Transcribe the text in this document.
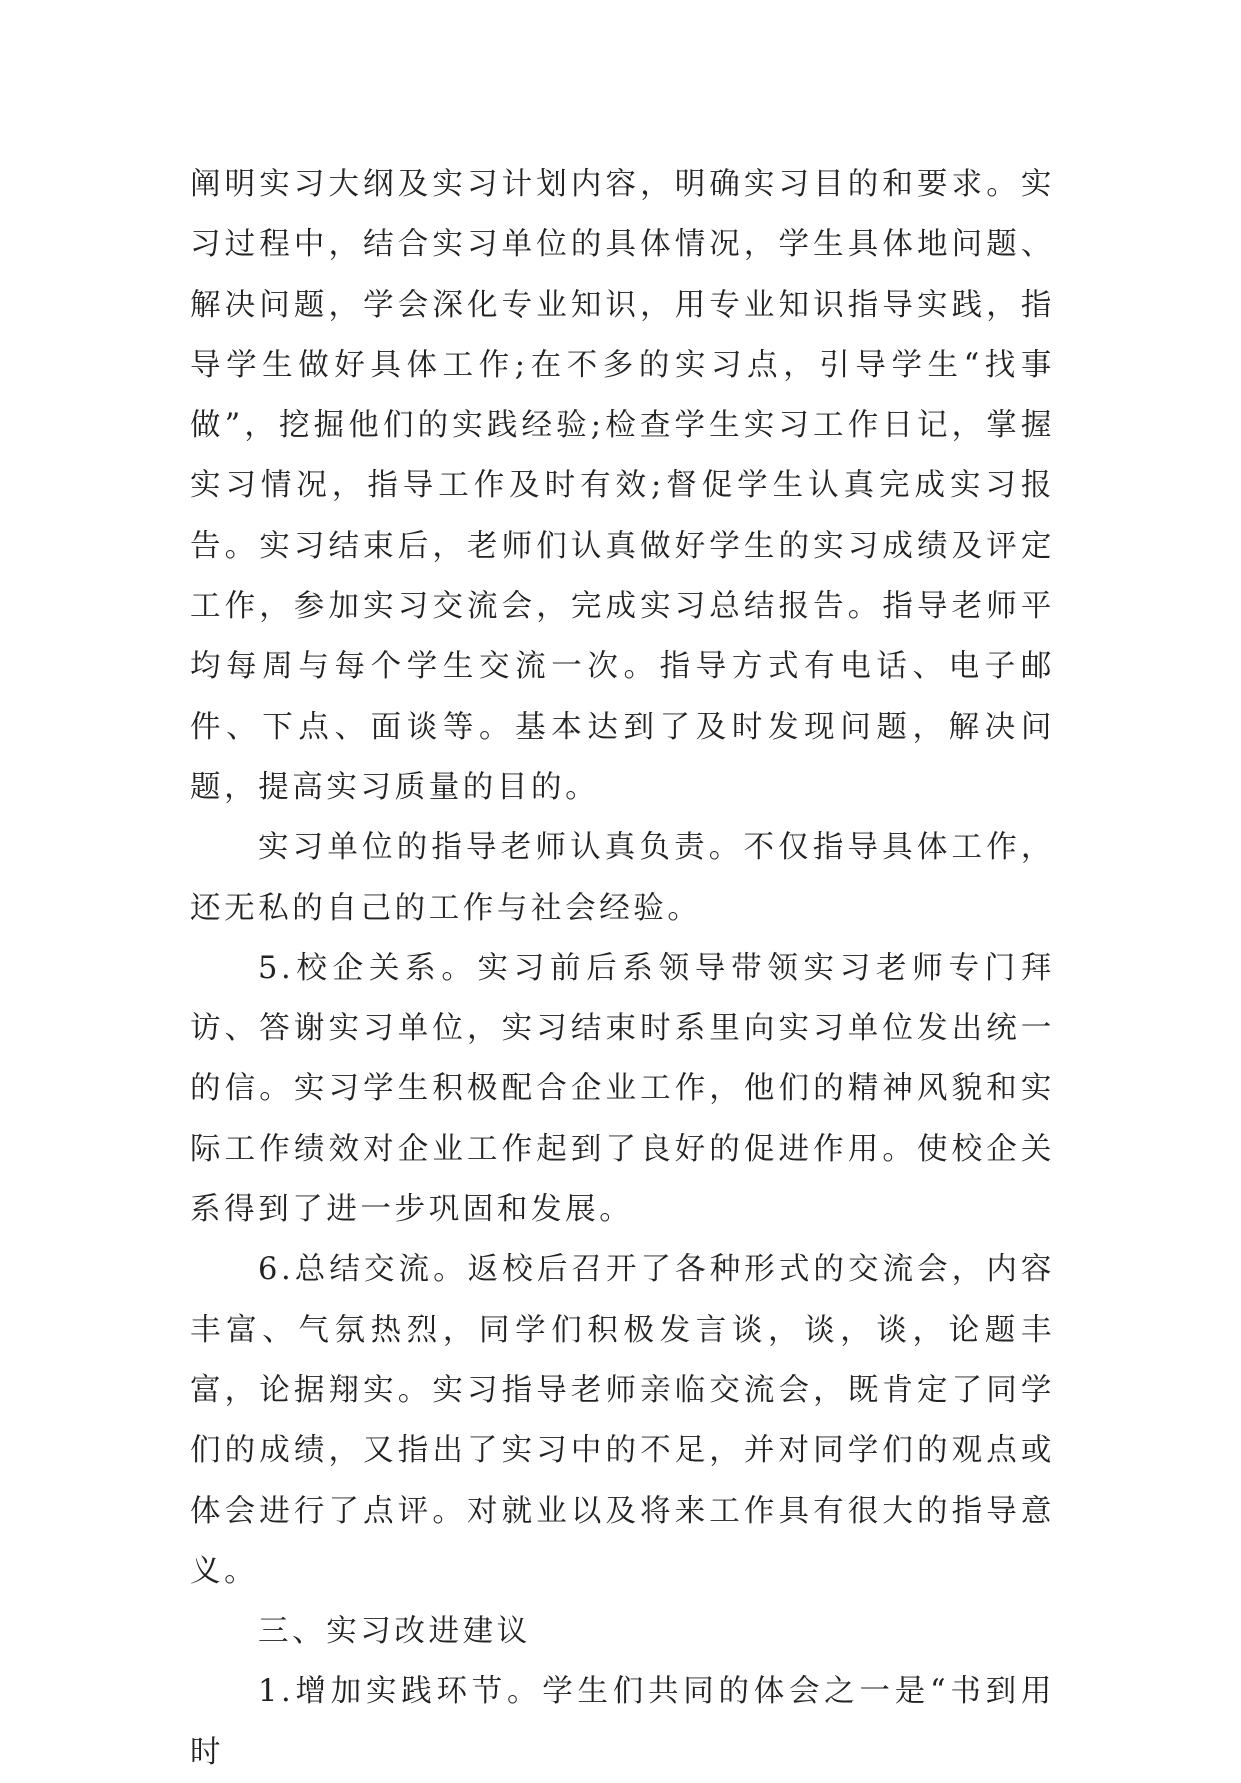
阐明实习大纲及实习计划内容，明确实习目的和要求。实习过程中，结合实习单位的具体情况，学生具体地问题、解决问题，学会深化专业知识，用专业知识指导实践，指导学生做好具体工作;在不多的实习点，引导学生“找事做”，挖掘他们的实践经验;检查学生实习工作日记，掌握实习情况，指导工作及时有效;督促学生认真完成实习报告。实习结束后，老师们认真做好学生的实习成绩及评定工作，参加实习交流会，完成实习总结报告。指导老师平均每周与每个学生交流一次。指导方式有电话、电子邮件、下点、面谈等。基本达到了及时发现问题，解决问题，提高实习质量的目的。

实习单位的指导老师认真负责。不仅指导具体工作，还无私的自己的工作与社会经验。

5.校企关系。实习前后系领导带领实习老师专门拜访、答谢实习单位，实习结束时系里向实习单位发出统一的信。实习学生积极配合企业工作，他们的精神风貌和实际工作绩效对企业工作起到了良好的促进作用。使校企关系得到了进一步巩固和发展。

6.总结交流。返校后召开了各种形式的交流会，内容丰富、气氛热烈，同学们积极发言谈，谈，谈，论题丰富，论据翔实。实习指导老师亲临交流会，既肯定了同学们的成绩，又指出了实习中的不足，并对同学们的观点或体会进行了点评。对就业以及将来工作具有很大的指导意义。

三、实习改进建议

1.增加实践环节。学生们共同的体会之一是“书到用时
